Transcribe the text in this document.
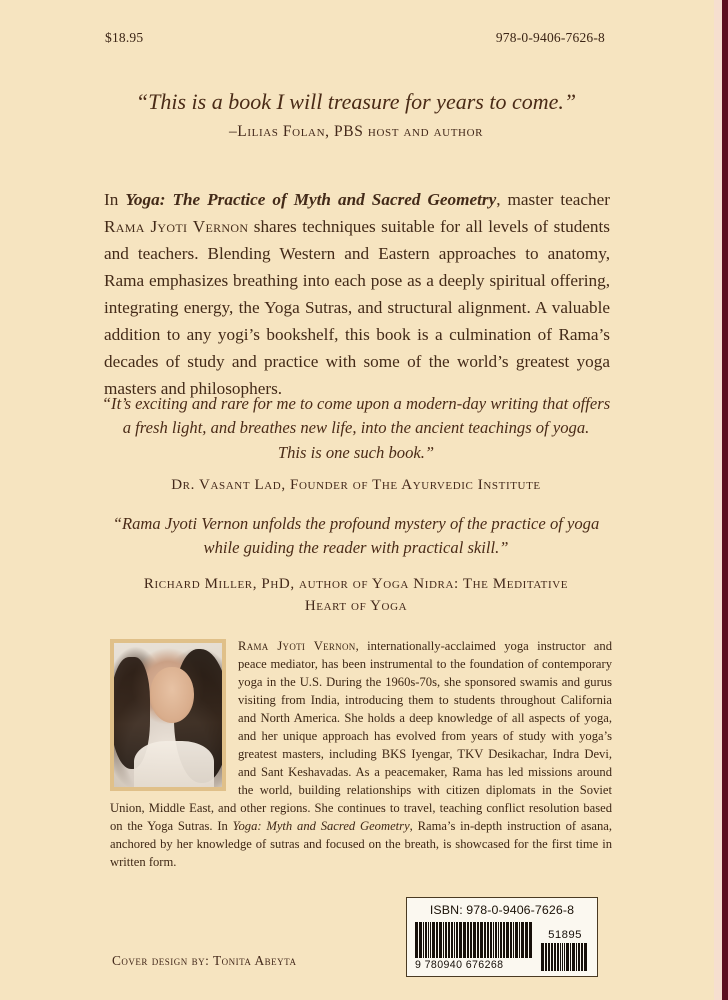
$18.95	978-0-9406-7626-8
“This is a book I will treasure for years to come.”
–Lilias Folan, PBS host and author
In Yoga: The Practice of Myth and Sacred Geometry, master teacher Rama Jyoti Vernon shares techniques suitable for all levels of students and teachers. Blending Western and Eastern approaches to anatomy, Rama emphasizes breathing into each pose as a deeply spiritual offering, integrating energy, the Yoga Sutras, and structural alignment. A valuable addition to any yogi’s bookshelf, this book is a culmination of Rama’s decades of study and practice with some of the world’s greatest yoga masters and philosophers.
“It’s exciting and rare for me to come upon a modern-day writing that offers
a fresh light, and breathes new life, into the ancient teachings of yoga.
This is one such book.”
Dr. Vasant Lad, Founder of The Ayurvedic Institute
“Rama Jyoti Vernon unfolds the profound mystery of the practice of yoga
while guiding the reader with practical skill.”
Richard Miller, PhD, author of Yoga Nidra: The Meditative
Heart of Yoga
Rama Jyoti Vernon, internationally-acclaimed yoga instructor and peace mediator, has been instrumental to the foundation of contemporary yoga in the U.S. During the 1960s-70s, she sponsored swamis and gurus visiting from India, introducing them to students throughout California and North America. She holds a deep knowledge of all aspects of yoga, and her unique approach has evolved from years of study with yoga’s greatest masters, including BKS Iyengar, TKV Desikachar, Indra Devi, and Sant Keshavadas. As a peacemaker, Rama has led missions around the world, building relationships with citizen diplomats in the Soviet Union, Middle East, and other regions. She continues to travel, teaching conflict resolution based on the Yoga Sutras. In Yoga: Myth and Sacred Geometry, Rama’s in-depth instruction of asana, anchored by her knowledge of sutras and focused on the breath, is showcased for the first time in written form.
ISBN: 978-0-9406-7626-8
9 780940 676268
51895
Cover design by: Tonita Abeyta
